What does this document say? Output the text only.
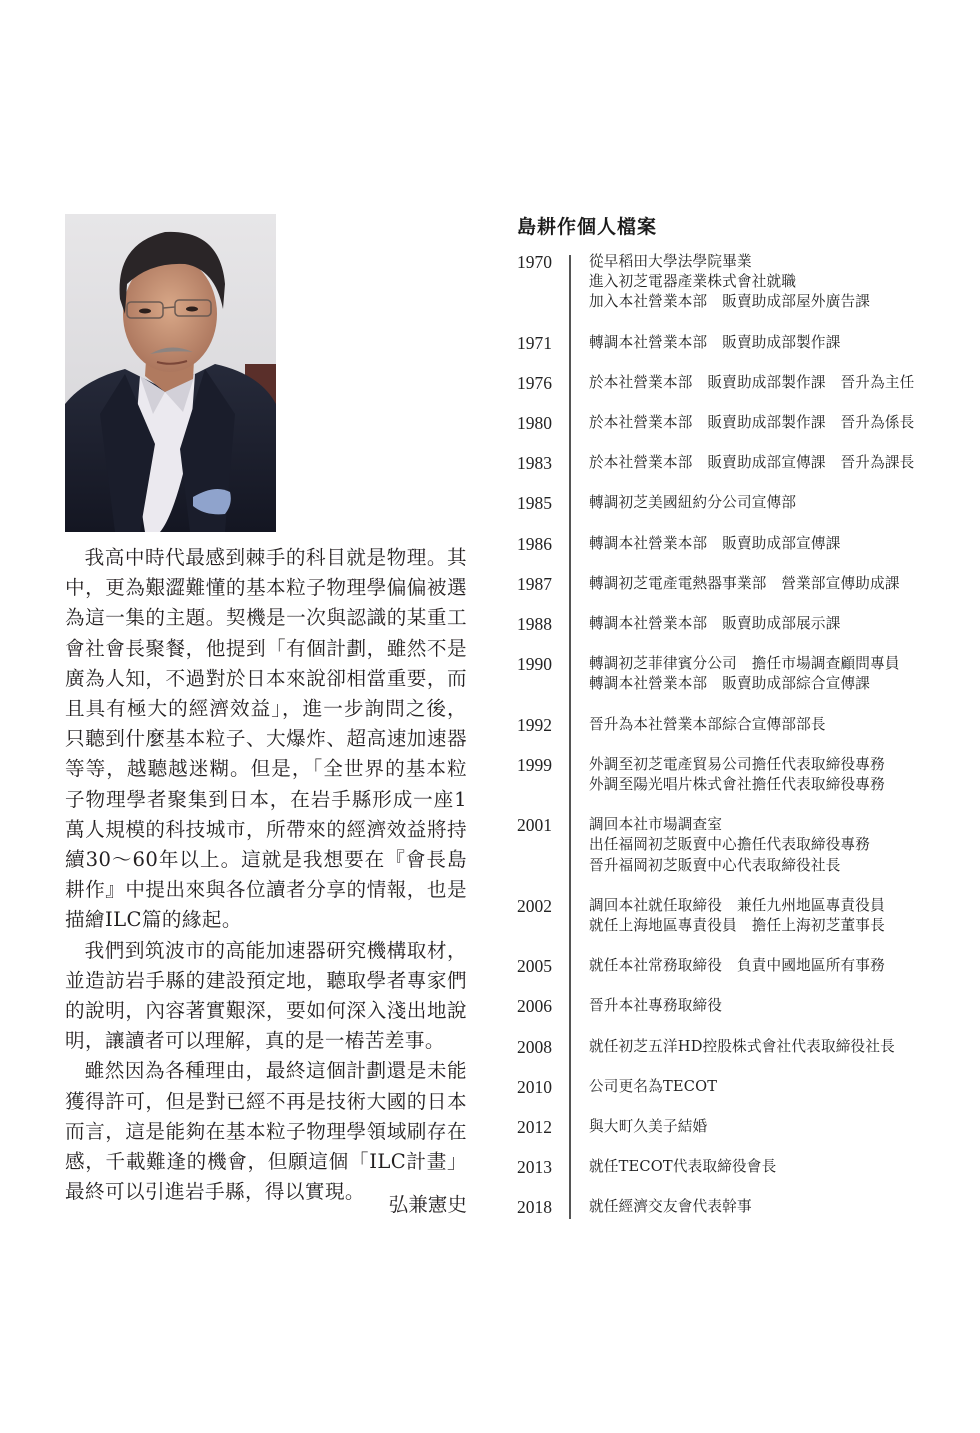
我高中時代最感到棘手的科目就是物理。其中，更為艱澀難懂的基本粒子物理學偏偏被選為這一集的主題。契機是一次與認識的某重工會社會長聚餐，他提到「有個計劃，雖然不是廣為人知，不過對於日本來說卻相當重要，而且具有極大的經濟效益」，進一步詢問之後，只聽到什麼基本粒子、大爆炸、超高速加速器等等，越聽越迷糊。但是，「全世界的基本粒子物理學者聚集到日本，在岩手縣形成一座1萬人規模的科技城市，所帶來的經濟效益將持續30～60年以上。這就是我想要在『會長島耕作』中提出來與各位讀者分享的情報，也是描繪ILC篇的緣起。

我們到筑波市的高能加速器研究機構取材，並造訪岩手縣的建設預定地，聽取學者專家們的說明，內容著實艱深，要如何深入淺出地說明，讓讀者可以理解，真的是一樁苦差事。

雖然因為各種理由，最終這個計劃還是未能獲得許可，但是對已經不再是技術大國的日本而言，這是能夠在基本粒子物理學領域刷存在感，千載難逢的機會，但願這個「ILC計畫」最終可以引進岩手縣，得以實現。

弘兼憲史
島耕作個人檔案
1970	從早稻田大學法學院畢業
進入初芝電器產業株式會社就職
加入本社營業本部　販賣助成部屋外廣告課
1971	轉調本社營業本部　販賣助成部製作課
1976	於本社營業本部　販賣助成部製作課　晉升為主任
1980	於本社營業本部　販賣助成部製作課　晉升為係長
1983	於本社營業本部　販賣助成部宣傳課　晉升為課長
1985	轉調初芝美國紐約分公司宣傳部
1986	轉調本社營業本部　販賣助成部宣傳課
1987	轉調初芝電產電熱器事業部　營業部宣傳助成課
1988	轉調本社營業本部　販賣助成部展示課
1990	轉調初芝菲律賓分公司　擔任市場調查顧問專員
轉調本社營業本部　販賣助成部綜合宣傳課
1992	晉升為本社營業本部綜合宣傳部部長
1999	外調至初芝電產貿易公司擔任代表取締役專務
外調至陽光唱片株式會社擔任代表取締役專務
2001	調回本社市場調查室
出任福岡初芝販賣中心擔任代表取締役專務
晉升福岡初芝販賣中心代表取締役社長
2002	調回本社就任取締役　兼任九州地區專責役員
就任上海地區專責役員　擔任上海初芝董事長
2005	就任本社常務取締役　負責中國地區所有事務
2006	晉升本社專務取締役
2008	就任初芝五洋HD控股株式會社代表取締役社長
2010	公司更名為TECOT
2012	與大町久美子結婚
2013	就任TECOT代表取締役會長
2018	就任經濟交友會代表幹事
